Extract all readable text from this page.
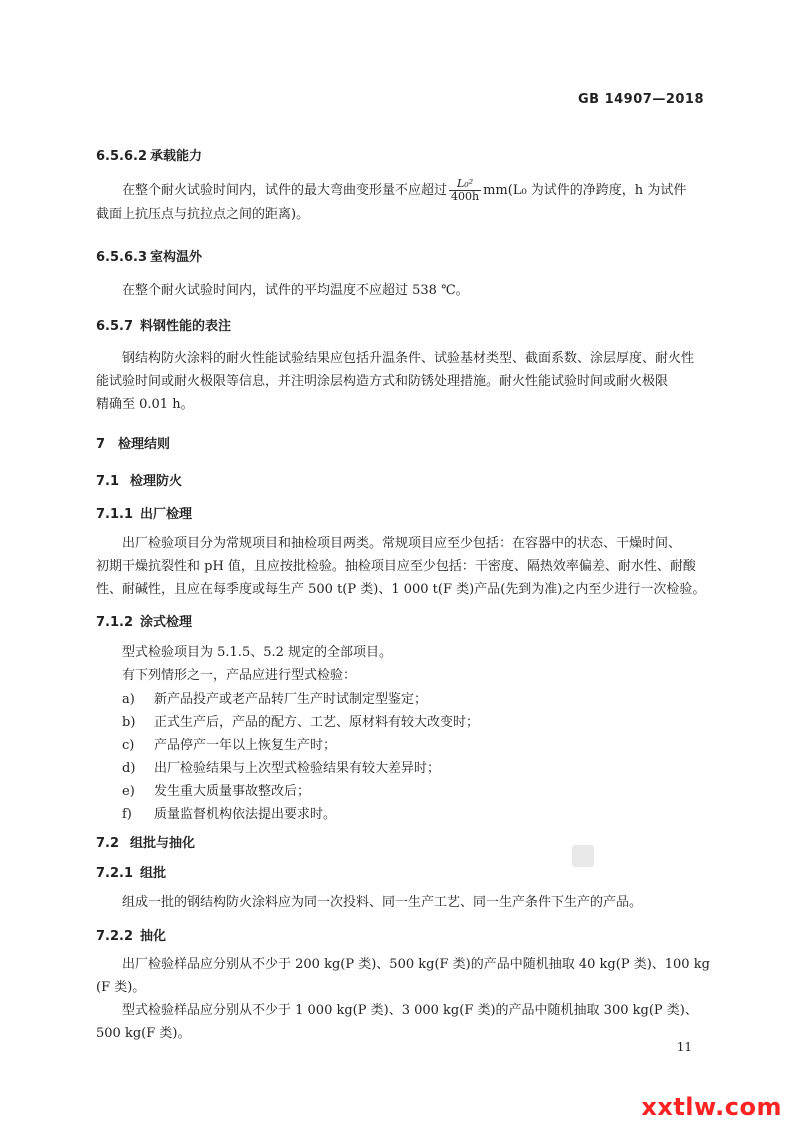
GB 14907—2018
6.5.6.2 承载能力
在整个耐火试验时间内，试件的最大弯曲变形量不应超过 $\frac{\text{L₀²}}{400h} mm(L_0$ 为试件的净跨度，h 为试件
截面上抗压点与抗拉点之间的距离)。
6.5.6.3 室构温外
在整个耐火试验时间内，试件的平均温度不应超过 538 ℃。
6.5.7 料钢性能的表注
钢结构防火涂料的耐火性能试验结果应包括升温条件、试验基材类型、截面系数、涂层厚度、耐火性
能试验时间或耐火极限等信息，并注明涂层构造方式和防锈处理措施。耐火性能试验时间或耐火极限
精确至 0.01 h。
7 检理结则
7.1 检理防火
7.1.1 出厂检理
出厂检验项目分为常规项目和抽检项目两类。常规项目应至少包括：在容器中的状态、干燥时间、
初期干燥抗裂性和 pH 值，且应按批检验。抽检项目应至少包括：干密度、隔热效率偏差、耐水性、耐酸
性、耐碱性，且应在每季度或每生产 500 t(P 类)、1 000 t(F 类)产品(先到为准)之内至少进行一次检验。
7.1.2 涂式检理
型式检验项目为 5.1.5、5.2 规定的全部项目。
有下列情形之一，产品应进行型式检验：
a) 新产品投产或老产品转厂生产时试制定型鉴定；
b) 正式生产后，产品的配方、工艺、原材料有较大改变时；
c) 产品停产一年以上恢复生产时；
d) 出厂检验结果与上次型式检验结果有较大差异时；
e) 发生重大质量事故整改后；
f) 质量监督机构依法提出要求时。
7.2 组批与抽化
7.2.1 组批
组成一批的钢结构防火涂料应为同一次投料、同一生产工艺、同一生产条件下生产的产品。
7.2.2 抽化
出厂检验样品应分别从不少于 200 kg(P 类)、500 kg(F 类)的产品中随机抽取 40 kg(P 类)、100 kg
(F 类)。
型式检验样品应分别从不少于 1 000 kg(P 类)、3 000 kg(F 类)的产品中随机抽取 300 kg(P 类)、
500 kg(F 类)。
11
xxtlw.com
